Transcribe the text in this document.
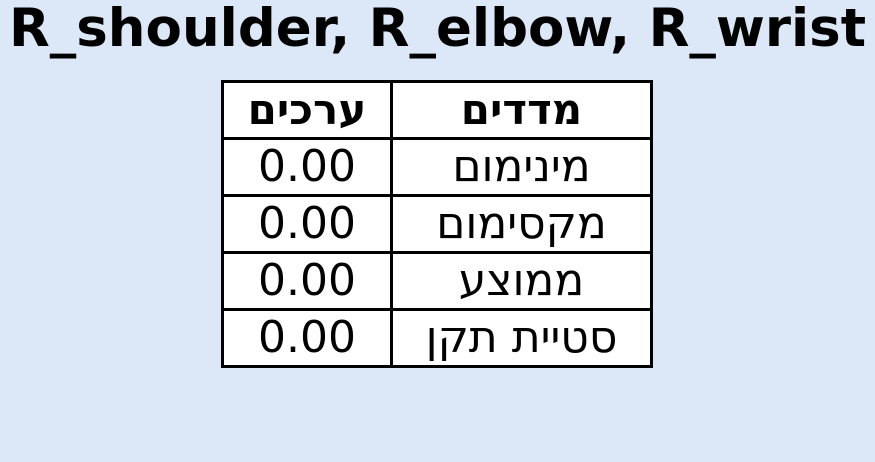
R_shoulder, R_elbow, R_wrist
ערכים	מדדים
0.00	מינימום
0.00	מקסימום
0.00	ממוצע
0.00	סטיית תקן
